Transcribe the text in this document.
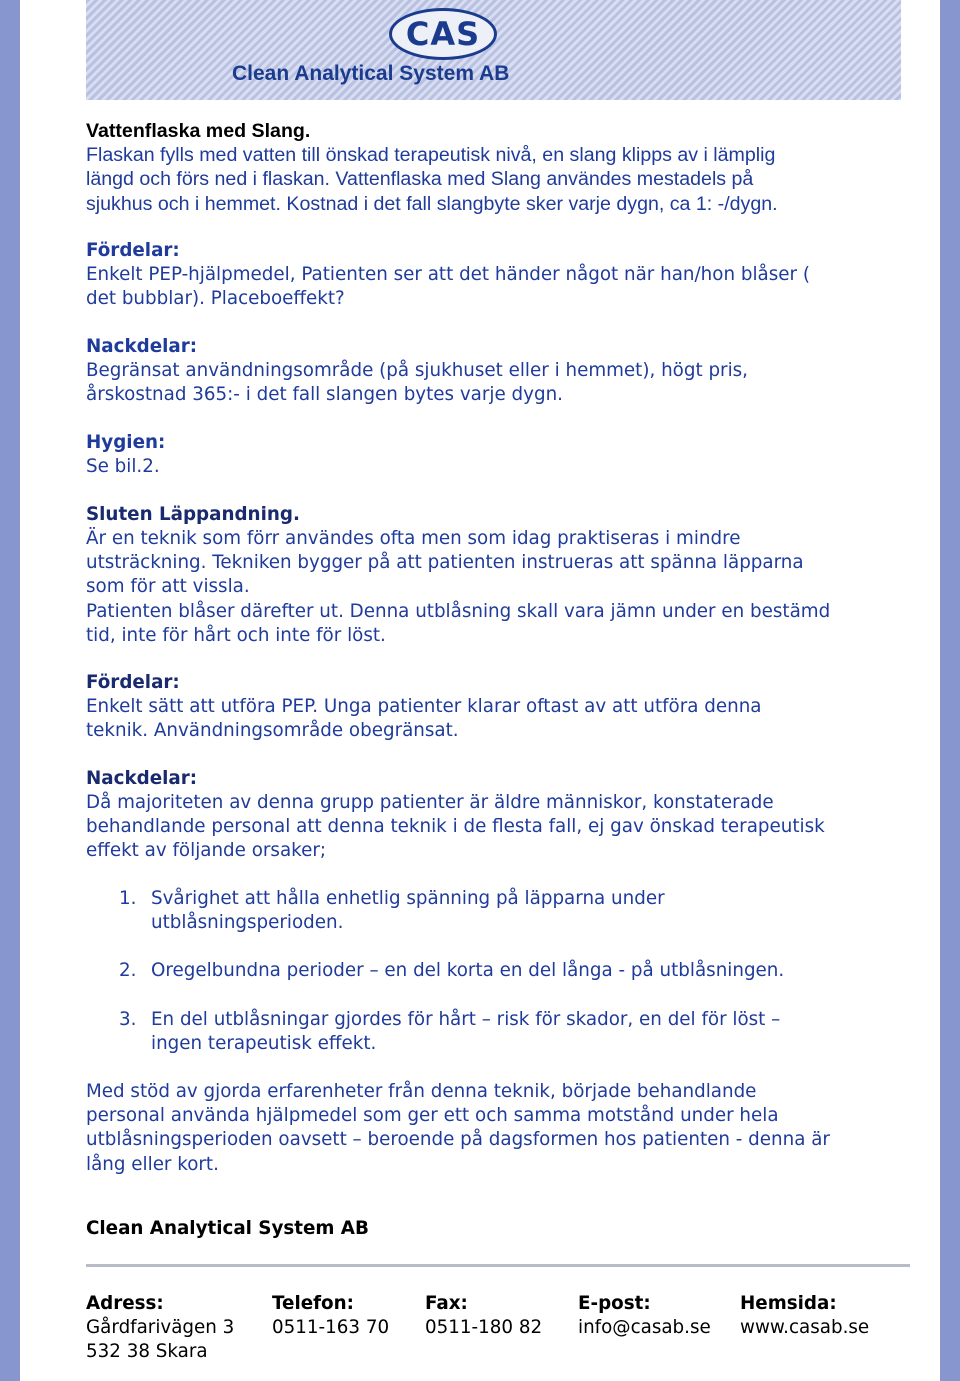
CAS
Clean Analytical System AB
Vattenflaska med Slang.
Flaskan fylls med vatten till önskad terapeutisk nivå, en slang klipps av i lämplig
längd och förs ned i flaskan. Vattenflaska med Slang användes mestadels på
sjukhus och i hemmet. Kostnad i det fall slangbyte sker varje dygn, ca 1: -/dygn.
Fördelar:
Enkelt PEP-hjälpmedel, Patienten ser att det händer något när han/hon blåser (
det bubblar). Placeboeffekt?
Nackdelar:
Begränsat användningsområde (på sjukhuset eller i hemmet), högt pris,
årskostnad 365:- i det fall slangen bytes varje dygn.
Hygien:
Se bil.2.
Sluten Läppandning.
Är en teknik som förr användes ofta men som idag praktiseras i mindre
utsträckning. Tekniken bygger på att patienten instrueras att spänna läpparna
som för att vissla.
Patienten blåser därefter ut. Denna utblåsning skall vara jämn under en bestämd
tid, inte för hårt och inte för löst.
Fördelar:
Enkelt sätt att utföra PEP. Unga patienter klarar oftast av att utföra denna
teknik. Användningsområde obegränsat.
Nackdelar:
Då majoriteten av denna grupp patienter är äldre människor, konstaterade
behandlande personal att denna teknik i de flesta fall, ej gav önskad terapeutisk
effekt av följande orsaker;
1. Svårighet att hålla enhetlig spänning på läpparna under
utblåsningsperioden.
2. Oregelbundna perioder – en del korta en del långa - på utblåsningen.
3. En del utblåsningar gjordes för hårt – risk för skador, en del för löst –
ingen terapeutisk effekt.
Med stöd av gjorda erfarenheter från denna teknik, började behandlande
personal använda hjälpmedel som ger ett och samma motstånd under hela
utblåsningsperioden oavsett – beroende på dagsformen hos patienten - denna är
lång eller kort.
Clean Analytical System AB
Adress:
Gårdfarivägen 3
532 38 Skara
Telefon:
0511-163 70
Fax:
0511-180 82
E-post:
info@casab.se
Hemsida:
www.casab.se
